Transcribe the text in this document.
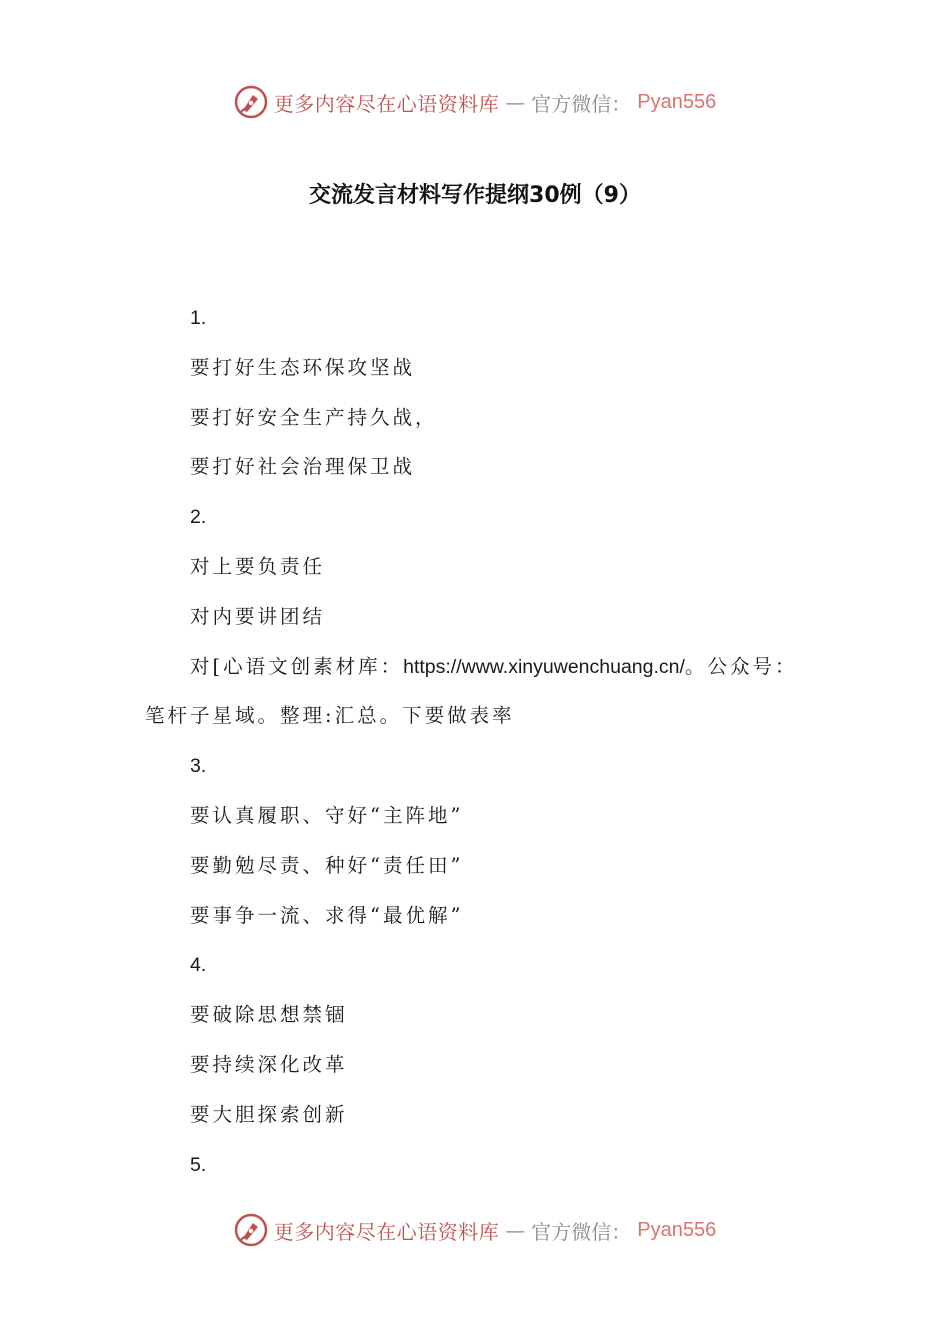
更多内容尽在心语资料库 — 官方微信： Pyan556
交流发言材料写作提纲30例（9）
1.
要打好生态环保攻坚战
要打好安全生产持久战，
要打好社会治理保卫战
2.
对上要负责任
对内要讲团结
对[心语文创素材库：https://www.xinyuwenchuang.cn/。公众号：
笔杆子星域。整理:汇总。下要做表率
3.
要认真履职、守好“主阵地”
要勤勉尽责、种好“责任田”
要事争一流、求得“最优解”
4.
要破除思想禁锢
要持续深化改革
要大胆探索创新
5.
更多内容尽在心语资料库 — 官方微信： Pyan556
